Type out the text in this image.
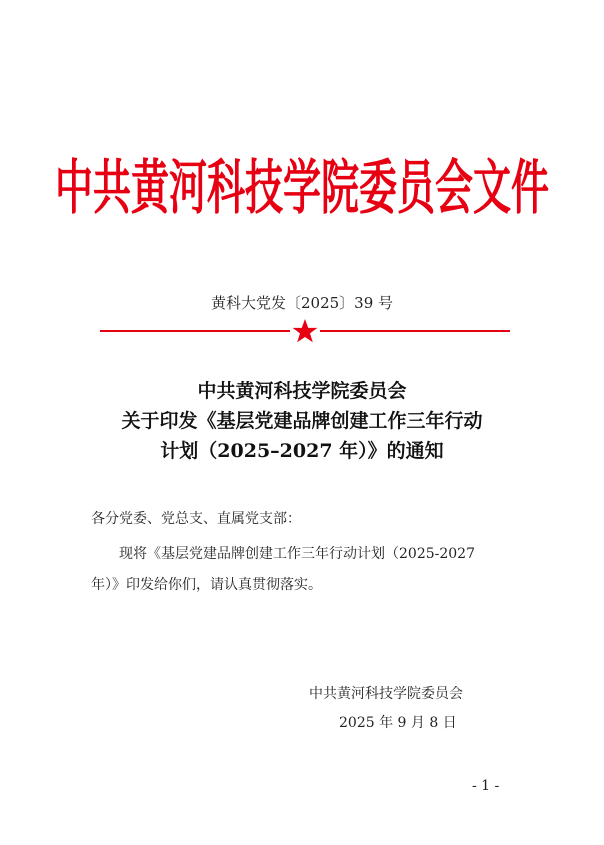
中共黄河科技学院委员会文件
黄科大党发〔2025〕39 号
中共黄河科技学院委员会
关于印发《基层党建品牌创建工作三年行动
计划（2025–2027 年）》的通知
各分党委、党总支、直属党支部：
现将《基层党建品牌创建工作三年行动计划（2025-2027
年）》印发给你们，请认真贯彻落实。
中共黄河科技学院委员会
2025 年 9 月 8 日
- 1 -
